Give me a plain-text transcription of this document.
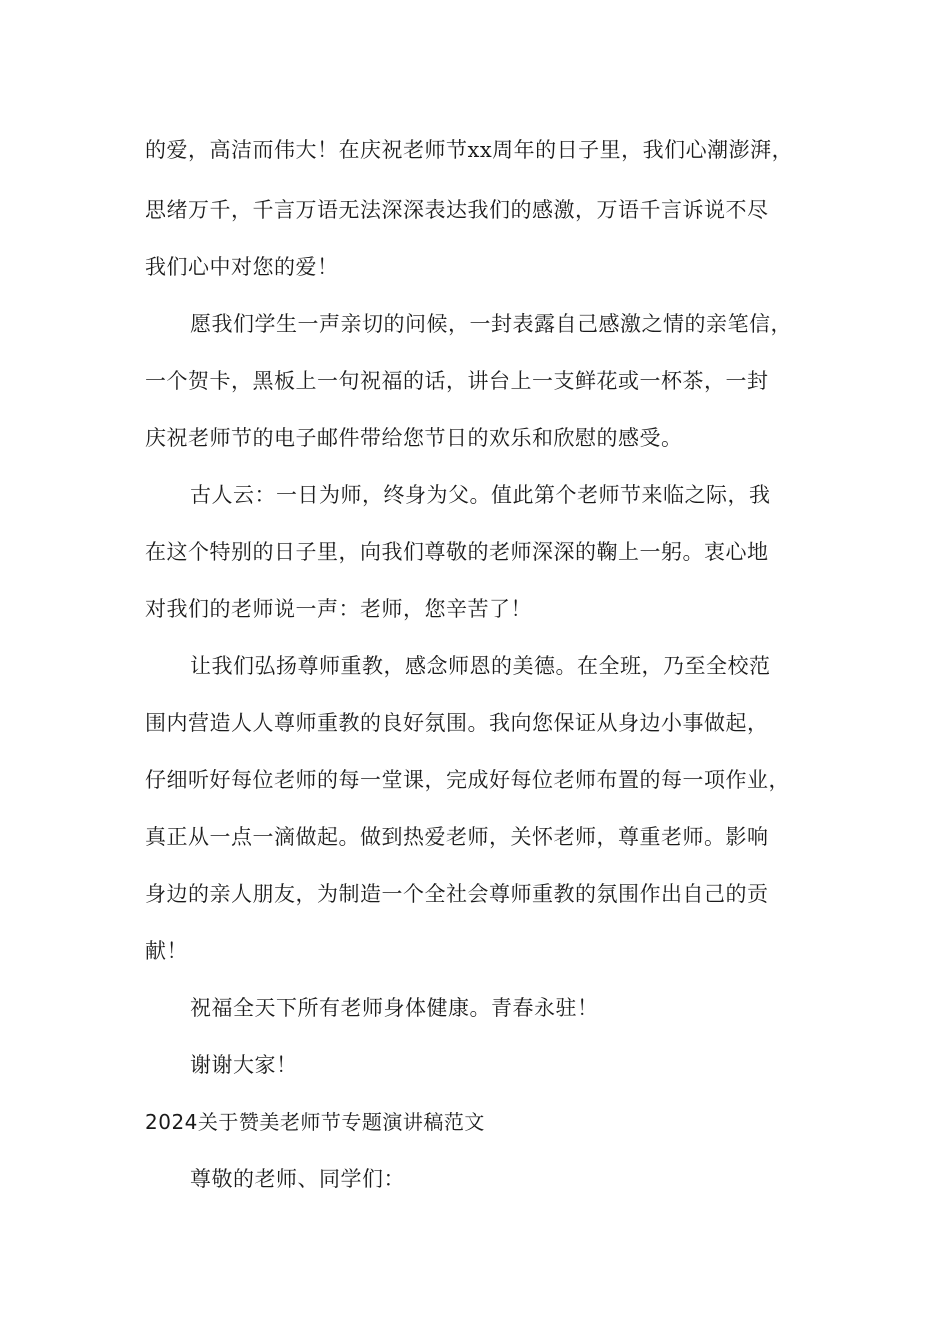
的爱，高洁而伟大！在庆祝老师节xx周年的日子里，我们心潮澎湃，
思绪万千，千言万语无法深深表达我们的感激，万语千言诉说不尽
我们心中对您的爱！
愿我们学生一声亲切的问候，一封表露自己感激之情的亲笔信，
一个贺卡，黑板上一句祝福的话，讲台上一支鲜花或一杯茶，一封
庆祝老师节的电子邮件带给您节日的欢乐和欣慰的感受。
古人云：一日为师，终身为父。值此第个老师节来临之际，我
在这个特别的日子里，向我们尊敬的老师深深的鞠上一躬。衷心地
对我们的老师说一声：老师，您辛苦了！
让我们弘扬尊师重教，感念师恩的美德。在全班，乃至全校范
围内营造人人尊师重教的良好氛围。我向您保证从身边小事做起，
仔细听好每位老师的每一堂课，完成好每位老师布置的每一项作业，
真正从一点一滴做起。做到热爱老师，关怀老师，尊重老师。影响
身边的亲人朋友，为制造一个全社会尊师重教的氛围作出自己的贡
献！
祝福全天下所有老师身体健康。青春永驻！
谢谢大家！
2024关于赞美老师节专题演讲稿范文
尊敬的老师、同学们：
